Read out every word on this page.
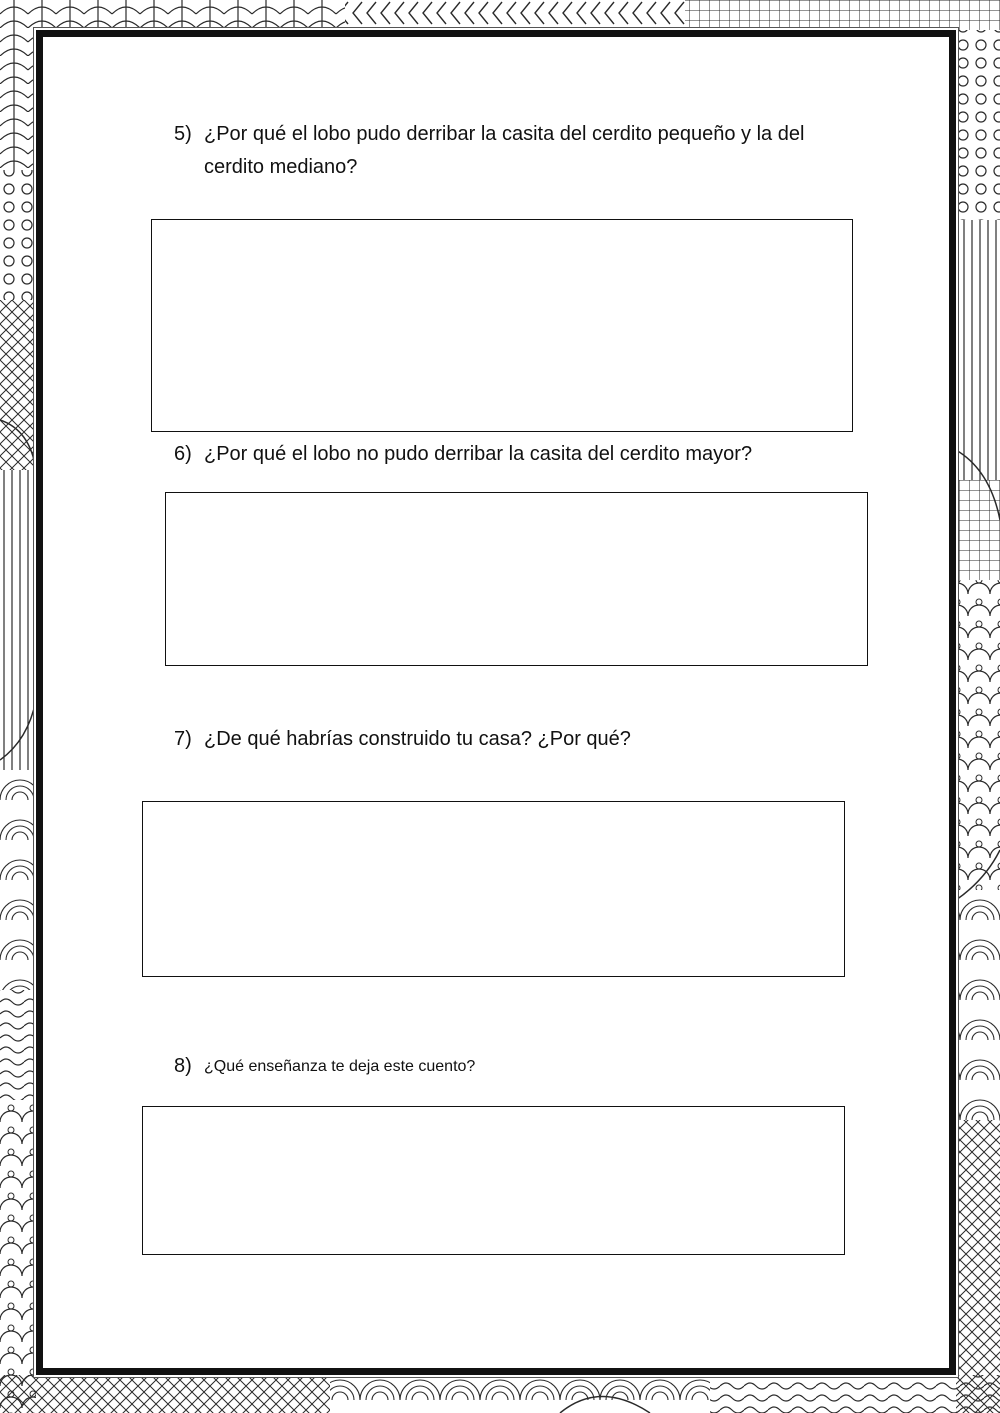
5) ¿Por qué el lobo pudo derribar la casita del cerdito pequeño y la del cerdito mediano?
6) ¿Por qué el lobo no pudo derribar la casita del cerdito mayor?
7) ¿De qué habrías construido tu casa? ¿Por qué?
8) ¿Qué enseñanza te deja este cuento?
